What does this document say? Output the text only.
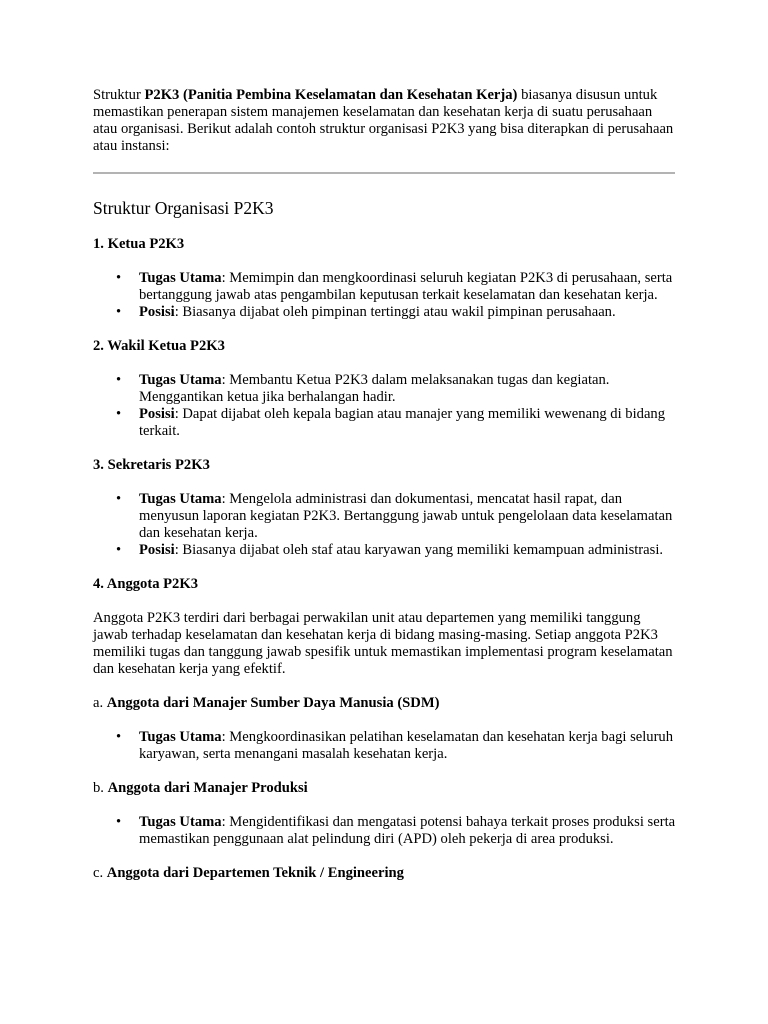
Struktur P2K3 (Panitia Pembina Keselamatan dan Kesehatan Kerja) biasanya disusun untuk memastikan penerapan sistem manajemen keselamatan dan kesehatan kerja di suatu perusahaan atau organisasi. Berikut adalah contoh struktur organisasi P2K3 yang bisa diterapkan di perusahaan atau instansi:

Struktur Organisasi P2K3
1. Ketua P2K3
• Tugas Utama: Memimpin dan mengkoordinasi seluruh kegiatan P2K3 di perusahaan, serta bertanggung jawab atas pengambilan keputusan terkait keselamatan dan kesehatan kerja.
• Posisi: Biasanya dijabat oleh pimpinan tertinggi atau wakil pimpinan perusahaan.
2. Wakil Ketua P2K3
• Tugas Utama: Membantu Ketua P2K3 dalam melaksanakan tugas dan kegiatan. Menggantikan ketua jika berhalangan hadir.
• Posisi: Dapat dijabat oleh kepala bagian atau manajer yang memiliki wewenang di bidang terkait.
3. Sekretaris P2K3
• Tugas Utama: Mengelola administrasi dan dokumentasi, mencatat hasil rapat, dan menyusun laporan kegiatan P2K3. Bertanggung jawab untuk pengelolaan data keselamatan dan kesehatan kerja.
• Posisi: Biasanya dijabat oleh staf atau karyawan yang memiliki kemampuan administrasi.
4. Anggota P2K3

Anggota P2K3 terdiri dari berbagai perwakilan unit atau departemen yang memiliki tanggung jawab terhadap keselamatan dan kesehatan kerja di bidang masing-masing. Setiap anggota P2K3 memiliki tugas dan tanggung jawab spesifik untuk memastikan implementasi program keselamatan dan kesehatan kerja yang efektif.

a. Anggota dari Manajer Sumber Daya Manusia (SDM)

• Tugas Utama: Mengkoordinasikan pelatihan keselamatan dan kesehatan kerja bagi seluruh karyawan, serta menangani masalah kesehatan kerja.

b. Anggota dari Manajer Produksi

• Tugas Utama: Mengidentifikasi dan mengatasi potensi bahaya terkait proses produksi serta memastikan penggunaan alat pelindung diri (APD) oleh pekerja di area produksi.

c. Anggota dari Departemen Teknik / Engineering
